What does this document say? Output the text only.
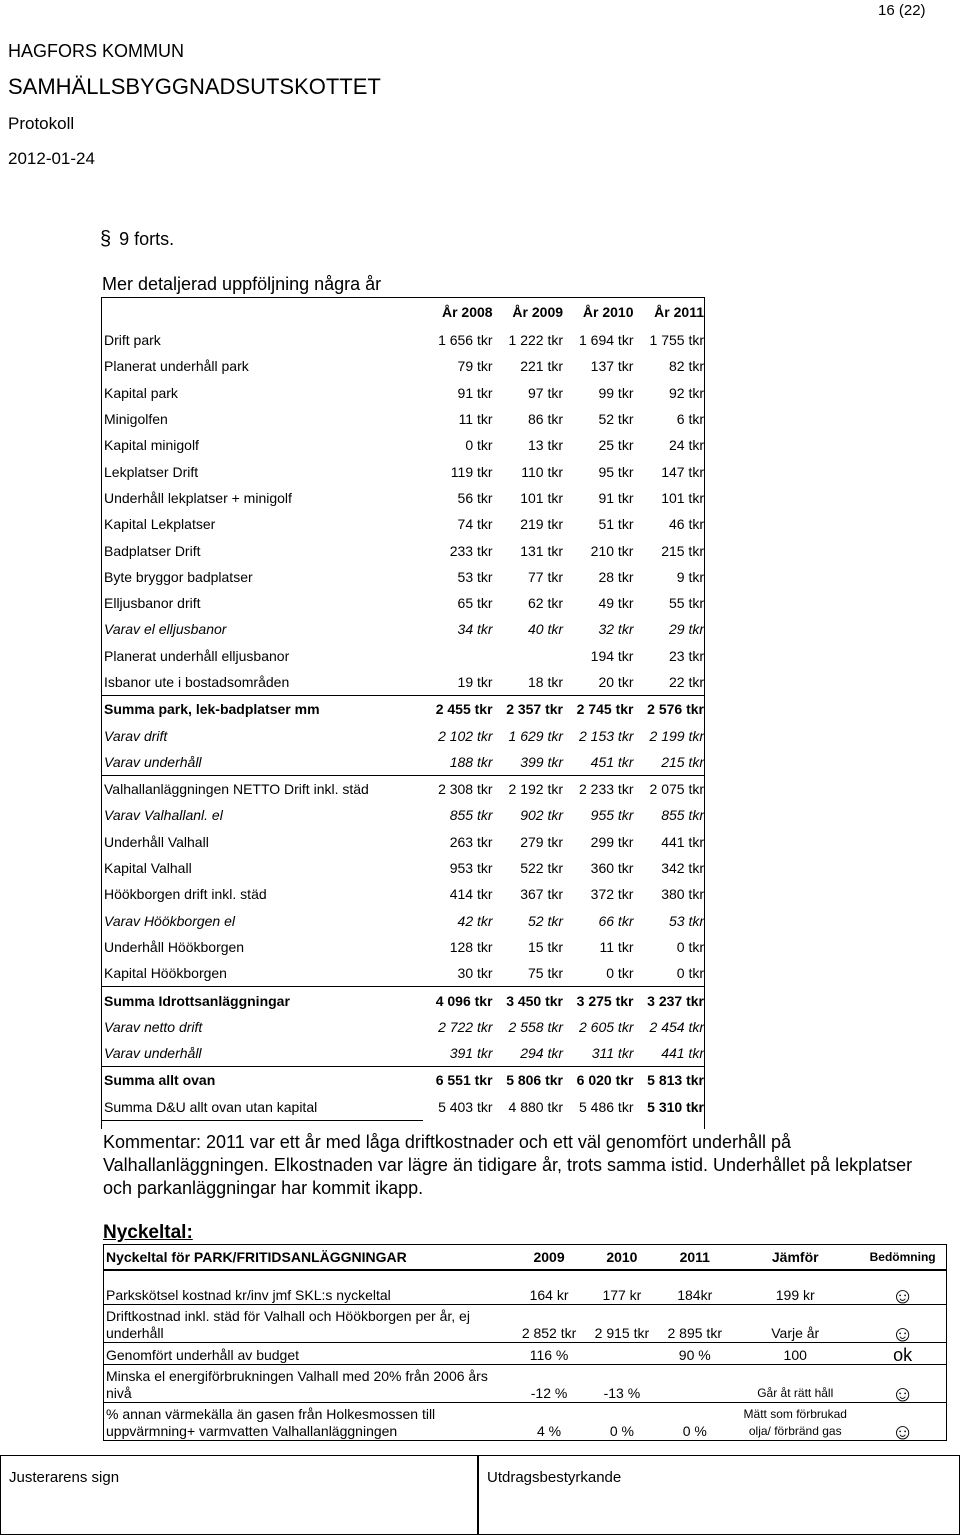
16 (22)
HAGFORS KOMMUN
SAMHÄLLSBYGGNADSUTSKOTTET
Protokoll
2012-01-24
§ 9 forts.
Mer detaljerad uppföljning några år
	År 2008	År 2009	År 2010	År 2011
Drift park	1 656 tkr	1 222 tkr	1 694 tkr	1 755 tkr
Planerat underhåll park	79 tkr	221 tkr	137 tkr	82 tkr
Kapital park	91 tkr	97 tkr	99 tkr	92 tkr
Minigolfen	11 tkr	86 tkr	52 tkr	6 tkr
Kapital minigolf	0 tkr	13 tkr	25 tkr	24 tkr
Lekplatser Drift	119 tkr	110 tkr	95 tkr	147 tkr
Underhåll lekplatser + minigolf	56 tkr	101 tkr	91 tkr	101 tkr
Kapital Lekplatser	74 tkr	219 tkr	51 tkr	46 tkr
Badplatser Drift	233 tkr	131 tkr	210 tkr	215 tkr
Byte bryggor badplatser	53 tkr	77 tkr	28 tkr	9 tkr
Elljusbanor drift	65 tkr	62 tkr	49 tkr	55 tkr
Varav el elljusbanor	34 tkr	40 tkr	32 tkr	29 tkr
Planerat underhåll elljusbanor			194 tkr	23 tkr
Isbanor ute i bostadsområden	19 tkr	18 tkr	20 tkr	22 tkr
Summa park, lek-badplatser mm	2 455 tkr	2 357 tkr	2 745 tkr	2 576 tkr
Varav drift	2 102 tkr	1 629 tkr	2 153 tkr	2 199 tkr
Varav underhåll	188 tkr	399 tkr	451 tkr	215 tkr
Valhallanläggningen NETTO Drift inkl. städ	2 308 tkr	2 192 tkr	2 233 tkr	2 075 tkr
Varav Valhallanl. el	855 tkr	902 tkr	955 tkr	855 tkr
Underhåll Valhall	263 tkr	279 tkr	299 tkr	441 tkr
Kapital Valhall	953 tkr	522 tkr	360 tkr	342 tkr
Höökborgen drift inkl. städ	414 tkr	367 tkr	372 tkr	380 tkr
Varav Höökborgen el	42 tkr	52 tkr	66 tkr	53 tkr
Underhåll Höökborgen	128 tkr	15 tkr	11 tkr	0 tkr
Kapital Höökborgen	30 tkr	75 tkr	0 tkr	0 tkr
Summa Idrottsanläggningar	4 096 tkr	3 450 tkr	3 275 tkr	3 237 tkr
Varav netto drift	2 722 tkr	2 558 tkr	2 605 tkr	2 454 tkr
Varav underhåll	391 tkr	294 tkr	311 tkr	441 tkr
Summa allt ovan	6 551 tkr	5 806 tkr	6 020 tkr	5 813 tkr
Summa D&U allt ovan utan kapital	5 403 tkr	4 880 tkr	5 486 tkr	5 310 tkr
Kommentar: 2011 var ett år med låga driftkostnader och ett väl genomfört underhåll på Valhallanläggningen. Elkostnaden var lägre än tidigare år, trots samma istid. Underhållet på lekplatser och parkanläggningar har kommit ikapp.
Nyckeltal:
Nyckeltal för PARK/FRITIDSANLÄGGNINGAR	2009	2010	2011	Jämför	Bedömning
Parkskötsel kostnad kr/inv jmf SKL:s nyckeltal	164 kr	177 kr	184kr	199 kr	☺
Driftkostnad inkl. städ för Valhall och Höökborgen per år, ej underhåll	2 852 tkr	2 915 tkr	2 895 tkr	Varje år	☺
Genomfört underhåll av budget	116 %		90 %	100	ok
Minska el energiförbrukningen Valhall med 20% från 2006 års nivå	-12 %	-13 %		Går åt rätt håll	☺
% annan värmekälla än gasen från Holkesmossen till uppvärmning+ varmvatten Valhallanläggningen	4 %	0 %	0 %	Mätt som förbrukad olja/ förbränd gas	☺
Justerarens sign	Utdragsbestyrkande
